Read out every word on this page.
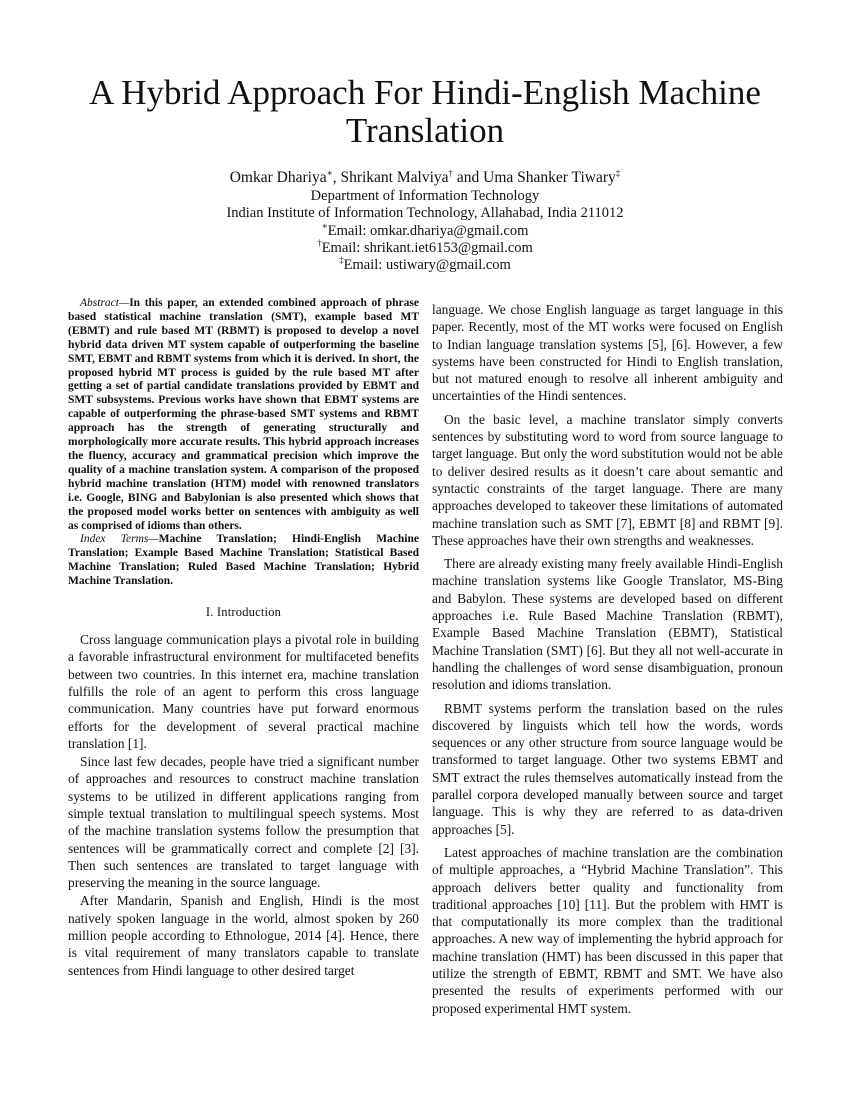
A Hybrid Approach For Hindi-English Machine Translation
Omkar Dhariya∗, Shrikant Malviya† and Uma Shanker Tiwary‡
Department of Information Technology
Indian Institute of Information Technology, Allahabad, India 211012
∗Email: omkar.dhariya@gmail.com
†Email: shrikant.iet6153@gmail.com
‡Email: ustiwary@gmail.com

Abstract—In this paper, an extended combined approach of phrase based statistical machine translation (SMT), example based MT (EBMT) and rule based MT (RBMT) is proposed to develop a novel hybrid data driven MT system capable of outperforming the baseline SMT, EBMT and RBMT systems from which it is derived. In short, the proposed hybrid MT process is guided by the rule based MT after getting a set of partial candidate translations provided by EBMT and SMT subsystems. Previous works have shown that EBMT systems are capable of outperforming the phrase-based SMT systems and RBMT approach has the strength of generating structurally and morphologically more accurate results. This hybrid approach increases the fluency, accuracy and grammatical precision which improve the quality of a machine translation system. A comparison of the proposed hybrid machine translation (HTM) model with renowned translators i.e. Google, BING and Babylonian is also presented which shows that the proposed model works better on sentences with ambiguity as well as comprised of idioms than others.

Index Terms—Machine Translation; Hindi-English Machine Translation; Example Based Machine Translation; Statistical Based Machine Translation; Ruled Based Machine Translation; Hybrid Machine Translation.

I. Introduction

Cross language communication plays a pivotal role in building a favorable infrastructural environment for multifaceted benefits between two countries. In this internet era, machine translation fulfills the role of an agent to perform this cross language communication. Many countries have put forward enormous efforts for the development of several practical machine translation [1].

Since last few decades, people have tried a significant number of approaches and resources to construct machine translation systems to be utilized in different applications ranging from simple textual translation to multilingual speech systems. Most of the machine translation systems follow the presumption that sentences will be grammatically correct and complete [2] [3]. Then such sentences are translated to target language with preserving the meaning in the source language.

After Mandarin, Spanish and English, Hindi is the most natively spoken language in the world, almost spoken by 260 million people according to Ethnologue, 2014 [4]. Hence, there is vital requirement of many translators capable to translate sentences from Hindi language to other desired target

language. We chose English language as target language in this paper. Recently, most of the MT works were focused on English to Indian language translation systems [5], [6]. However, a few systems have been constructed for Hindi to English translation, but not matured enough to resolve all inherent ambiguity and uncertainties of the Hindi sentences.

On the basic level, a machine translator simply converts sentences by substituting word to word from source language to target language. But only the word substitution would not be able to deliver desired results as it doesn’t care about semantic and syntactic constraints of the target language. There are many approaches developed to takeover these limitations of automated machine translation such as SMT [7], EBMT [8] and RBMT [9]. These approaches have their own strengths and weaknesses.

There are already existing many freely available Hindi-English machine translation systems like Google Translator, MS-Bing and Babylon. These systems are developed based on different approaches i.e. Rule Based Machine Translation (RBMT), Example Based Machine Translation (EBMT), Statistical Machine Translation (SMT) [6]. But they all not well-accurate in handling the challenges of word sense disambiguation, pronoun resolution and idioms translation.

RBMT systems perform the translation based on the rules discovered by linguists which tell how the words, words sequences or any other structure from source language would be transformed to target language. Other two systems EBMT and SMT extract the rules themselves automatically instead from the parallel corpora developed manually between source and target language. This is why they are referred to as data-driven approaches [5].

Latest approaches of machine translation are the combination of multiple approaches, a “Hybrid Machine Translation”. This approach delivers better quality and functionality from traditional approaches [10] [11]. But the problem with HMT is that computationally its more complex than the traditional approaches. A new way of implementing the hybrid approach for machine translation (HMT) has been discussed in this paper that utilize the strength of EBMT, RBMT and SMT. We have also presented the results of experiments performed with our proposed experimental HMT system.
